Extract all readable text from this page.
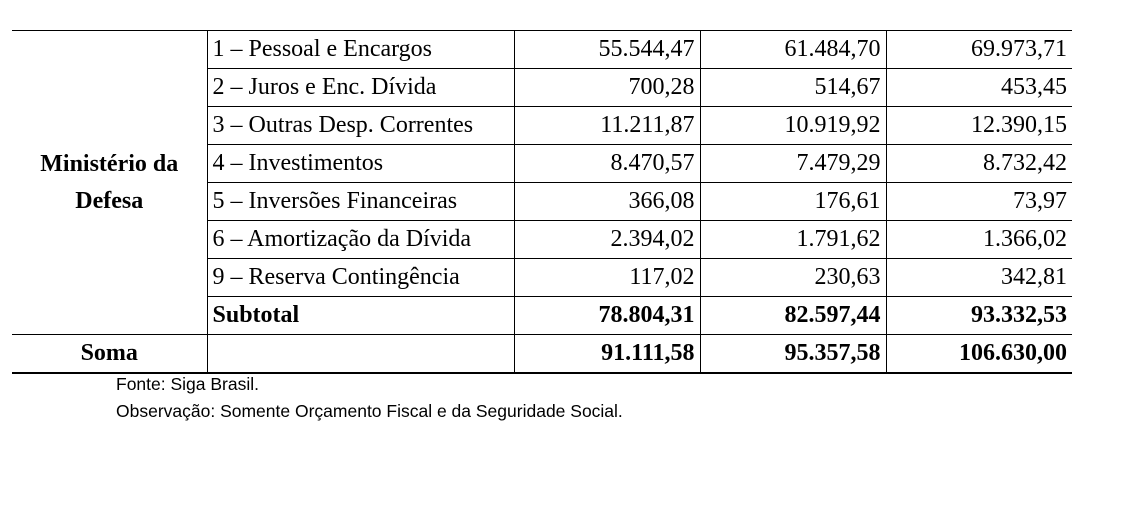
Ministério da
Defesa	1 – Pessoal e Encargos	55.544,47	61.484,70	69.973,71
	2 – Juros e Enc. Dívida	700,28	514,67	453,45
	3 – Outras Desp. Correntes	11.211,87	10.919,92	12.390,15
	4 – Investimentos	8.470,57	7.479,29	8.732,42
	5 – Inversões Financeiras	366,08	176,61	73,97
	6 – Amortização da Dívida	2.394,02	1.791,62	1.366,02
	9 – Reserva Contingência	117,02	230,63	342,81
	Subtotal	78.804,31	82.597,44	93.332,53
Soma		91.111,58	95.357,58	106.630,00
Fonte: Siga Brasil.
Observação: Somente Orçamento Fiscal e da Seguridade Social.
